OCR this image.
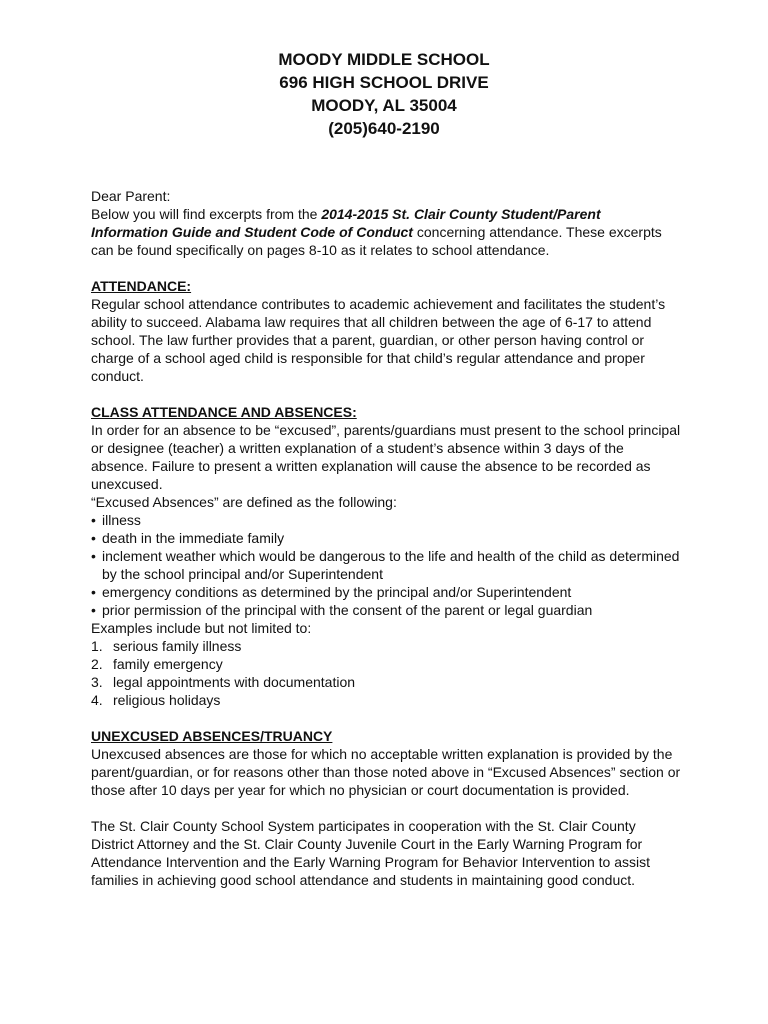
MOODY MIDDLE SCHOOL
696 HIGH SCHOOL DRIVE
MOODY, AL 35004
(205)640-2190

Dear Parent:

Below you will find excerpts from the 2014-2015 St. Clair County Student/Parent Information Guide and Student Code of Conduct concerning attendance. These excerpts can be found specifically on pages 8-10 as it relates to school attendance.

ATTENDANCE:

Regular school attendance contributes to academic achievement and facilitates the student’s ability to succeed. Alabama law requires that all children between the age of 6-17 to attend school. The law further provides that a parent, guardian, or other person having control or charge of a school aged child is responsible for that child’s regular attendance and proper conduct.

CLASS ATTENDANCE AND ABSENCES:

In order for an absence to be “excused”, parents/guardians must present to the school principal or designee (teacher) a written explanation of a student’s absence within 3 days of the absence. Failure to present a written explanation will cause the absence to be recorded as unexcused.

“Excused Absences” are defined as the following:

• illness
• death in the immediate family
• inclement weather which would be dangerous to the life and health of the child as determined by the school principal and/or Superintendent
• emergency conditions as determined by the principal and/or Superintendent
• prior permission of the principal with the consent of the parent or legal guardian

Examples include but not limited to:

1. serious family illness
2. family emergency
3. legal appointments with documentation
4. religious holidays

UNEXCUSED ABSENCES/TRUANCY

Unexcused absences are those for which no acceptable written explanation is provided by the parent/guardian, or for reasons other than those noted above in “Excused Absences” section or those after 10 days per year for which no physician or court documentation is provided.

The St. Clair County School System participates in cooperation with the St. Clair County District Attorney and the St. Clair County Juvenile Court in the Early Warning Program for Attendance Intervention and the Early Warning Program for Behavior Intervention to assist families in achieving good school attendance and students in maintaining good conduct.
